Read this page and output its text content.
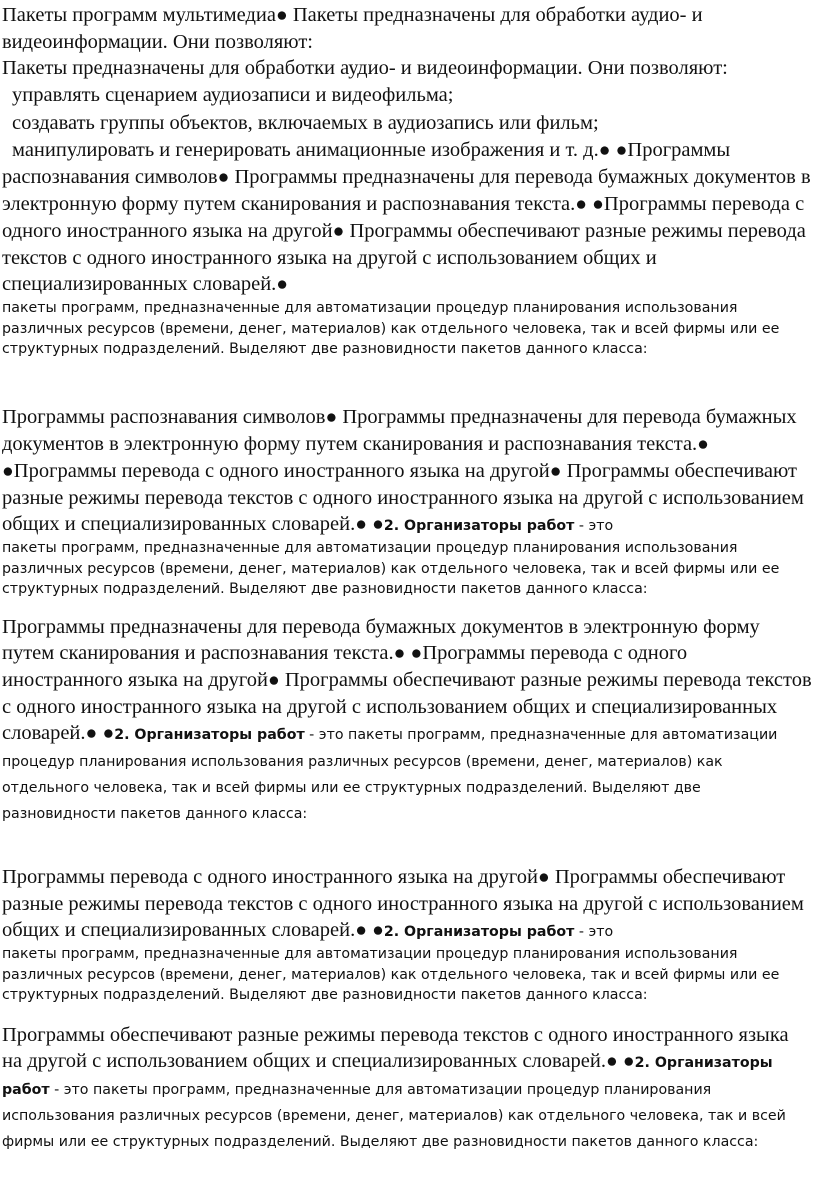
Пакеты программ мультимедиа● Пакеты предназначены для обработки аудио- и видеоинформации. Они позволяют:

Пакеты предназначены для обработки аудио- и видеоинформации. Они позволяют:

управлять сценарием аудиозаписи и видеофильма;

создавать группы объектов, включаемых в аудиозапись или фильм;

манипулировать и генерировать анимационные изображения и т. д.● ●Программы распознавания символов● Программы предназначены для перевода бумажных документов в электронную форму путем сканирования и распознавания текста.● ●Программы перевода с одного иностранного языка на другой● Программы обеспечивают разные режимы перевода текстов с одного иностранного языка на другой с использованием общих и специализированных словарей.●

пакеты программ, предназначенные для автоматизации процедур планирования использования различных ресурсов (времени, денег, материалов) как отдельного человека, так и всей фирмы или ее структурных подразделений. Выделяют две разновидности пакетов данного класса:

Программы распознавания символов● Программы предназначены для перевода бумажных документов в электронную форму путем сканирования и распознавания текста.● ●Программы перевода с одного иностранного языка на другой● Программы обеспечивают разные режимы перевода текстов с одного иностранного языка на другой с использованием общих и специализированных словарей.● ●2. Организаторы работ - это

пакеты программ, предназначенные для автоматизации процедур планирования использования различных ресурсов (времени, денег, материалов) как отдельного человека, так и всей фирмы или ее структурных подразделений. Выделяют две разновидности пакетов данного класса:

Программы предназначены для перевода бумажных документов в электронную форму путем сканирования и распознавания текста.● ●Программы перевода с одного иностранного языка на другой● Программы обеспечивают разные режимы перевода текстов с одного иностранного языка на другой с использованием общих и специализированных словарей.● ●2. Организаторы работ - это пакеты программ, предназначенные для автоматизации процедур планирования использования различных ресурсов (времени, денег, материалов) как отдельного человека, так и всей фирмы или ее структурных подразделений. Выделяют две разновидности пакетов данного класса:

Программы перевода с одного иностранного языка на другой● Программы обеспечивают разные режимы перевода текстов с одного иностранного языка на другой с использованием общих и специализированных словарей.● ●2. Организаторы работ - это

пакеты программ, предназначенные для автоматизации процедур планирования использования различных ресурсов (времени, денег, материалов) как отдельного человека, так и всей фирмы или ее структурных подразделений. Выделяют две разновидности пакетов данного класса:

Программы обеспечивают разные режимы перевода текстов с одного иностранного языка на другой с использованием общих и специализированных словарей.● ●2. Организаторы работ - это пакеты программ, предназначенные для автоматизации процедур планирования использования различных ресурсов (времени, денег, материалов) как отдельного человека, так и всей фирмы или ее структурных подразделений. Выделяют две разновидности пакетов данного класса:
